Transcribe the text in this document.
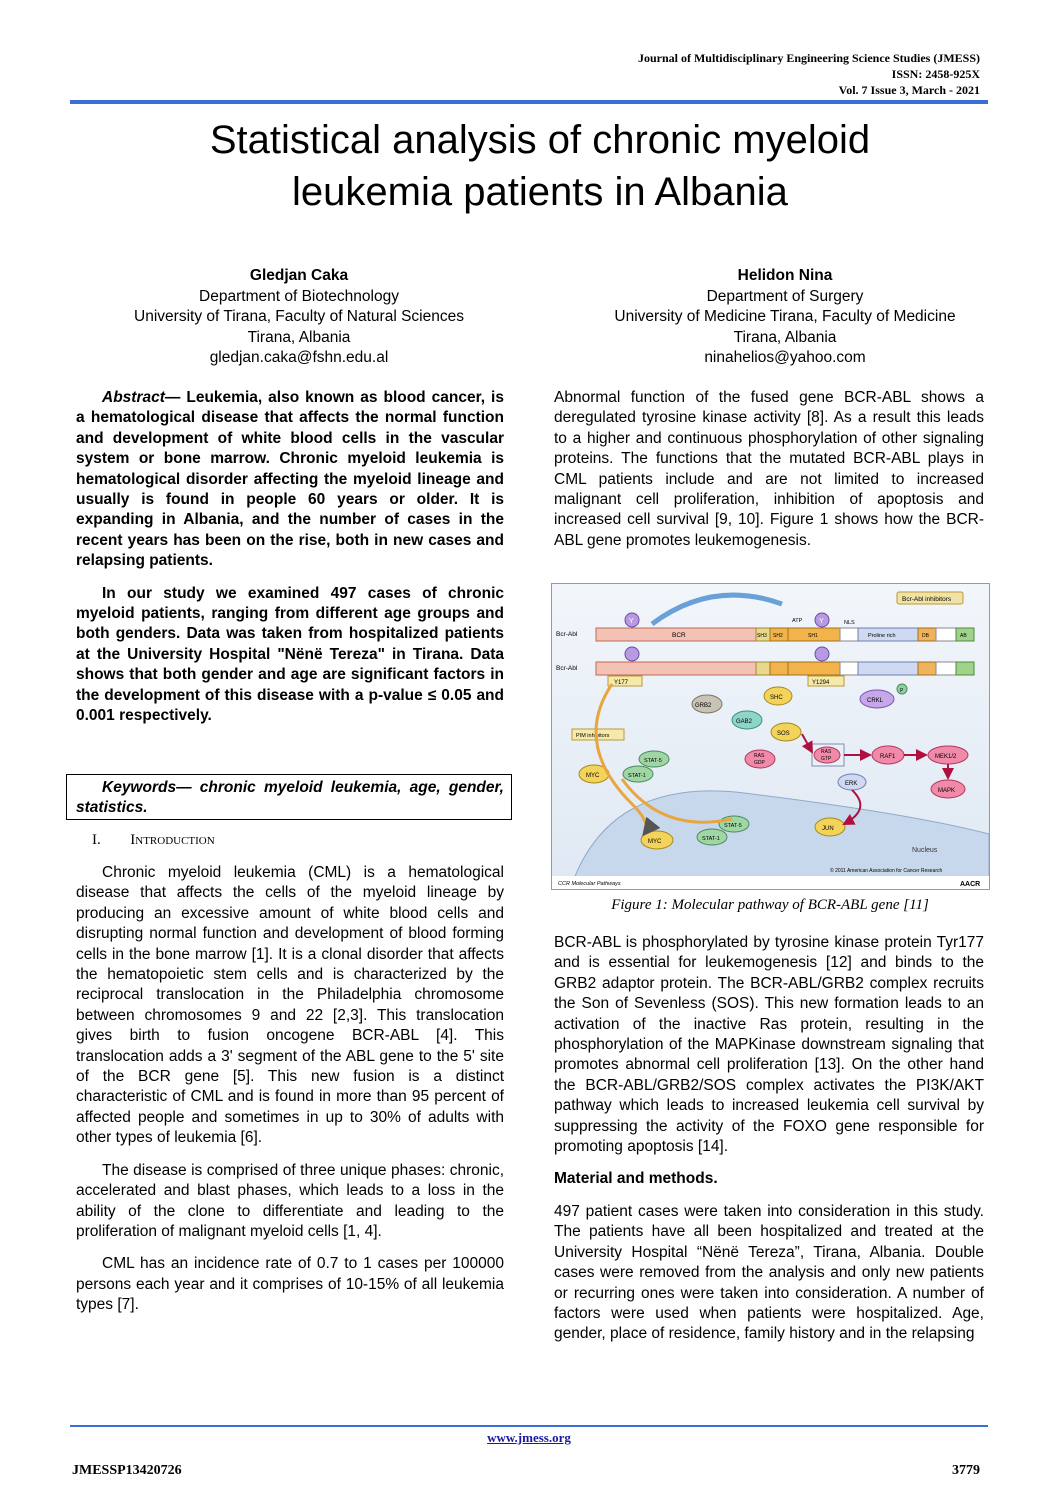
Journal of Multidisciplinary Engineering Science Studies (JMESS)
ISSN: 2458-925X
Vol. 7 Issue 3, March - 2021
Statistical analysis of chronic myeloid
leukemia patients in Albania
Gledjan Caka
Department of Biotechnology
University of Tirana, Faculty of Natural Sciences
Tirana, Albania
gledjan.caka@fshn.edu.al
Helidon Nina
Department of Surgery
University of Medicine Tirana, Faculty of Medicine
Tirana, Albania
ninahelios@yahoo.com

Abstract— Leukemia, also known as blood cancer, is a hematological disease that affects the normal function and development of white blood cells in the vascular system or bone marrow. Chronic myeloid leukemia is hematological disorder affecting the myeloid lineage and usually is found in people 60 years or older. It is expanding in Albania, and the number of cases in the recent years has been on the rise, both in new cases and relapsing patients.

In our study we examined 497 cases of chronic myeloid patients, ranging from different age groups and both genders. Data was taken from hospitalized patients at the University Hospital "Nënë Tereza" in Tirana. Data shows that both gender and age are significant factors in the development of this disease with a p-value ≤ 0.05 and 0.001 respectively.

Keywords— chronic myeloid leukemia, age, gender, statistics.
I. Introduction

Chronic myeloid leukemia (CML) is a hematological disease that affects the cells of the myeloid lineage by producing an excessive amount of white blood cells and disrupting normal function and development of blood forming cells in the bone marrow [1]. It is a clonal disorder that affects the hematopoietic stem cells and is characterized by the reciprocal translocation in the Philadelphia chromosome between chromosomes 9 and 22 [2,3]. This translocation gives birth to fusion oncogene BCR-ABL [4]. This translocation adds a 3' segment of the ABL gene to the 5' site of the BCR gene [5]. This new fusion is a distinct characteristic of CML and is found in more than 95 percent of affected people and sometimes in up to 30% of adults with other types of leukemia [6].

The disease is comprised of three unique phases: chronic, accelerated and blast phases, which leads to a loss in the ability of the clone to differentiate and leading to the proliferation of malignant myeloid cells [1, 4].

CML has an incidence rate of 0.7 to 1 cases per 100000 persons each year and it comprises of 10-15% of all leukemia types [7].

Abnormal function of the fused gene BCR-ABL shows a deregulated tyrosine kinase activity [8]. As a result this leads to a higher and continuous phosphorylation of other signaling proteins. The functions that the mutated BCR-ABL plays in CML patients include and are not limited to increased malignant cell proliferation, inhibition of apoptosis and increased cell survival [9, 10]. Figure 1 shows how the BCR-ABL gene promotes leukemogenesis.
Nucleus
Bcr-Abl inhibitors
Bcr-Abl	BCR	SH3 SH2	SH1	Proline rich	DB	AB
ATP	NLS
Bcr-Abl
Y	Y
Y177	Y1294
GRB2
SHC	CRKL
P
GAB2
SOS
PIM inhibitors
STAT-5
STAT-1
MYC
RAS
GDP
RAS
GTP	RAF1	MEK1/2
ERK
MAPK
JUN
MYC
STAT-5
STAT-1
CCR Molecular Pathways
© 2011 American Association for Cancer Research
AACR
Figure 1: Molecular pathway of BCR-ABL gene [11]

BCR-ABL is phosphorylated by tyrosine kinase protein Tyr177 and is essential for leukemogenesis [12] and binds to the GRB2 adaptor protein. The BCR-ABL/GRB2 complex recruits the Son of Sevenless (SOS). This new formation leads to an activation of the inactive Ras protein, resulting in the phosphorylation of the MAPKinase downstream signaling that promotes abnormal cell proliferation [13]. On the other hand the BCR-ABL/GRB2/SOS complex activates the PI3K/AKT pathway which leads to increased leukemia cell survival by suppressing the activity of the FOXO gene responsible for promoting apoptosis [14].

Material and methods.

497 patient cases were taken into consideration in this study. The patients have all been hospitalized and treated at the University Hospital “Nënë Tereza”, Tirana, Albania. Double cases were removed from the analysis and only new patients or recurring ones were taken into consideration. A number of factors were used when patients were hospitalized. Age, gender, place of residence, family history and in the relapsing

www.jmess.org
JMESSP13420726	3779
